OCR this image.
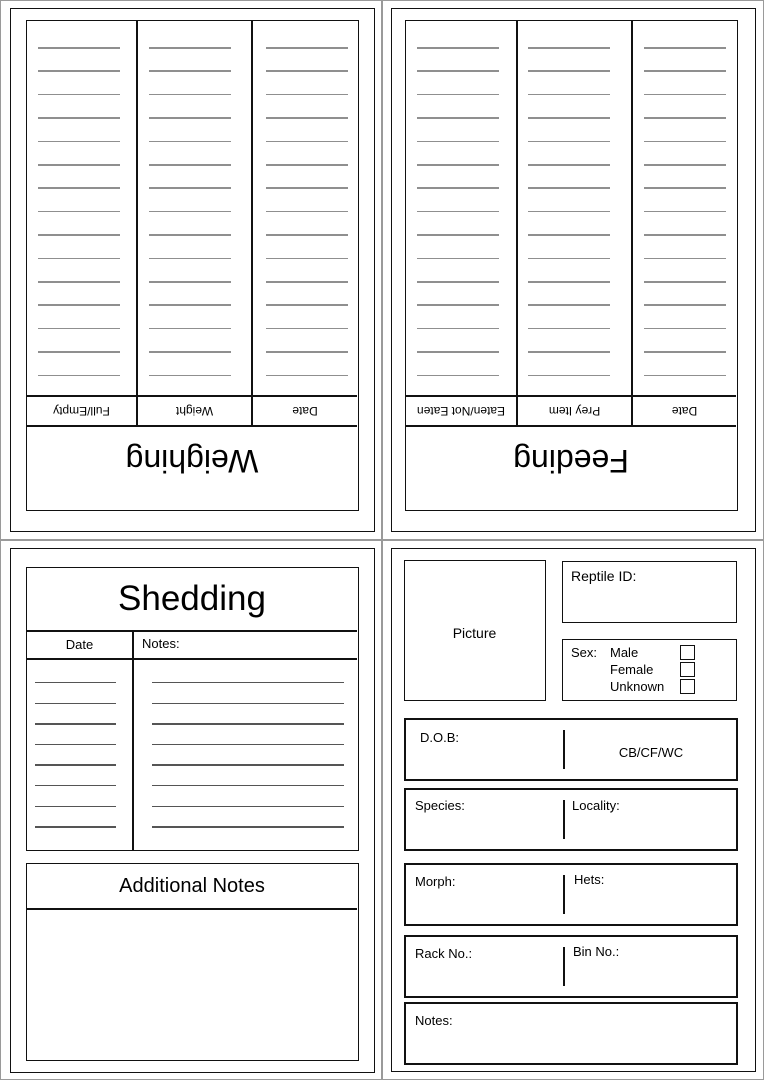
Full/Empty	Weight	Date
Weighing
Eaten/Not Eaten	Prey Item	Date
Feeding
Shedding
Date	Notes:
Additional Notes
Picture
Reptile ID:
Sex: Male
Female
Unknown
D.O.B:
CB/CF/WC
Species:	Locality:
Morph:	Hets:
Rack No.:	Bin No.:
Notes:
